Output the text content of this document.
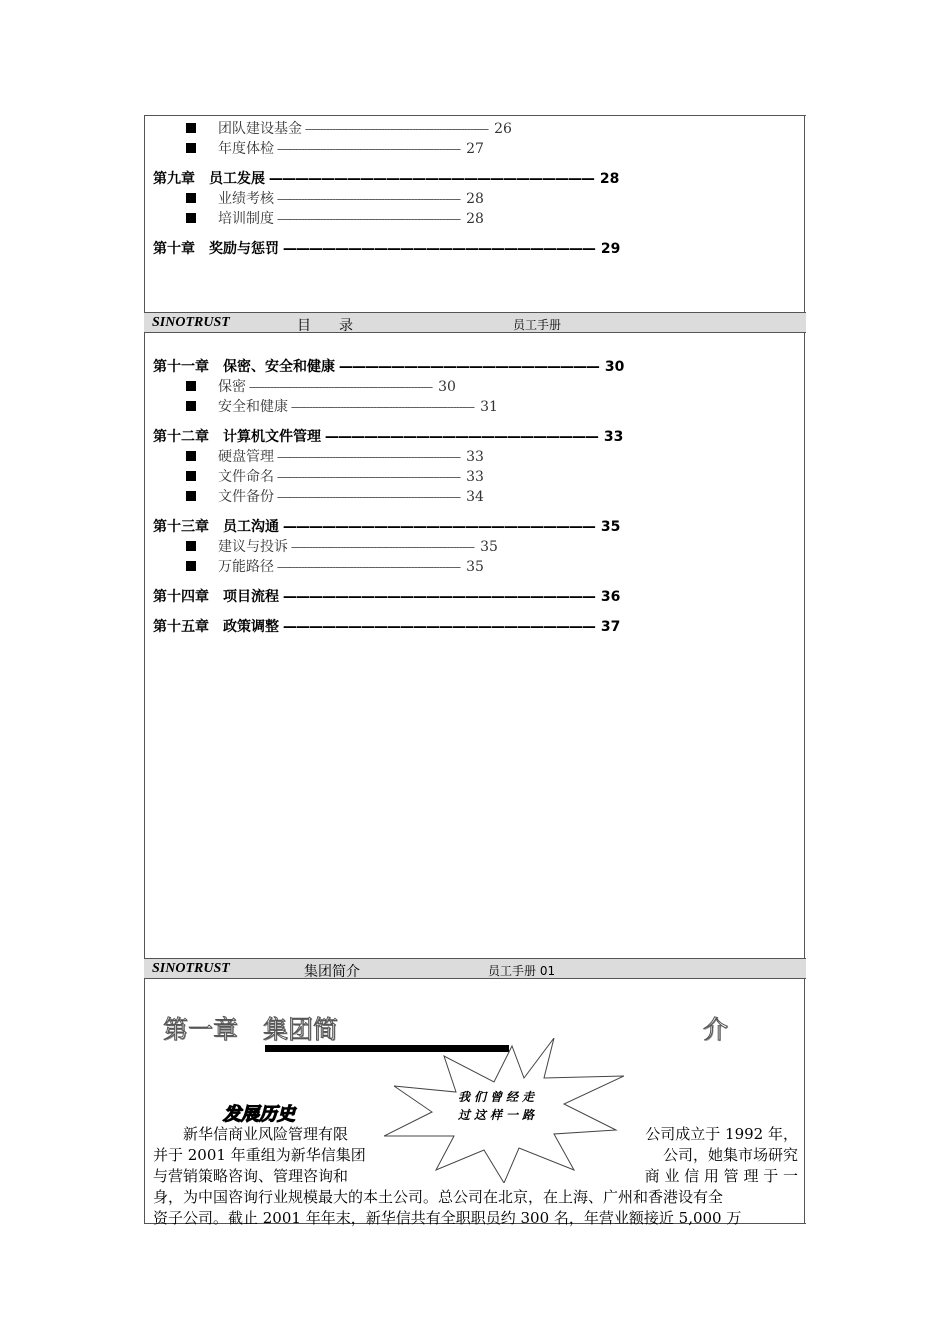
团队建设基金 ------------------------------------------------------------ 26
年度体检 ------------------------------------------------------------ 27
第九章 员工发展 ————————————————————————— 28
业绩考核 ------------------------------------------------------------ 28
培训制度 ------------------------------------------------------------ 28
第十章 奖励与惩罚 ———————————————————————— 29
SINOTRUST	目　　录	员工手册
第十一章 保密、安全和健康 ———————————————————— 30
保密 ------------------------------------------------------------ 30
安全和健康 ------------------------------------------------------------ 31
第十二章 计算机文件管理 ————————————————————— 33
硬盘管理 ------------------------------------------------------------ 33
文件命名 ------------------------------------------------------------ 33
文件备份 ------------------------------------------------------------ 34
第十三章 员工沟通 ———————————————————————— 35
建议与投诉 ------------------------------------------------------------ 35
万能路径 ------------------------------------------------------------ 35
第十四章 项目流程 ———————————————————————— 36
第十五章 政策调整 ———————————————————————— 37
SINOTRUST	集团简介	员工手册 01
第一章　集团简	介
我们曾经走过这样一路
发展历史
　　新华信商业风险管理有限	公司成立于 1992 年，
并于 2001 年重组为新华信集团	公司，她集市场研究
与营销策略咨询、管理咨询和	商 业 信 用 管 理 于 一
身，为中国咨询行业规模最大的本土公司。总公司在北京，在上海、广州和香港设有全
资子公司。截止 2001 年年末，新华信共有全职职员约 300 名，年营业额接近 5,000 万
